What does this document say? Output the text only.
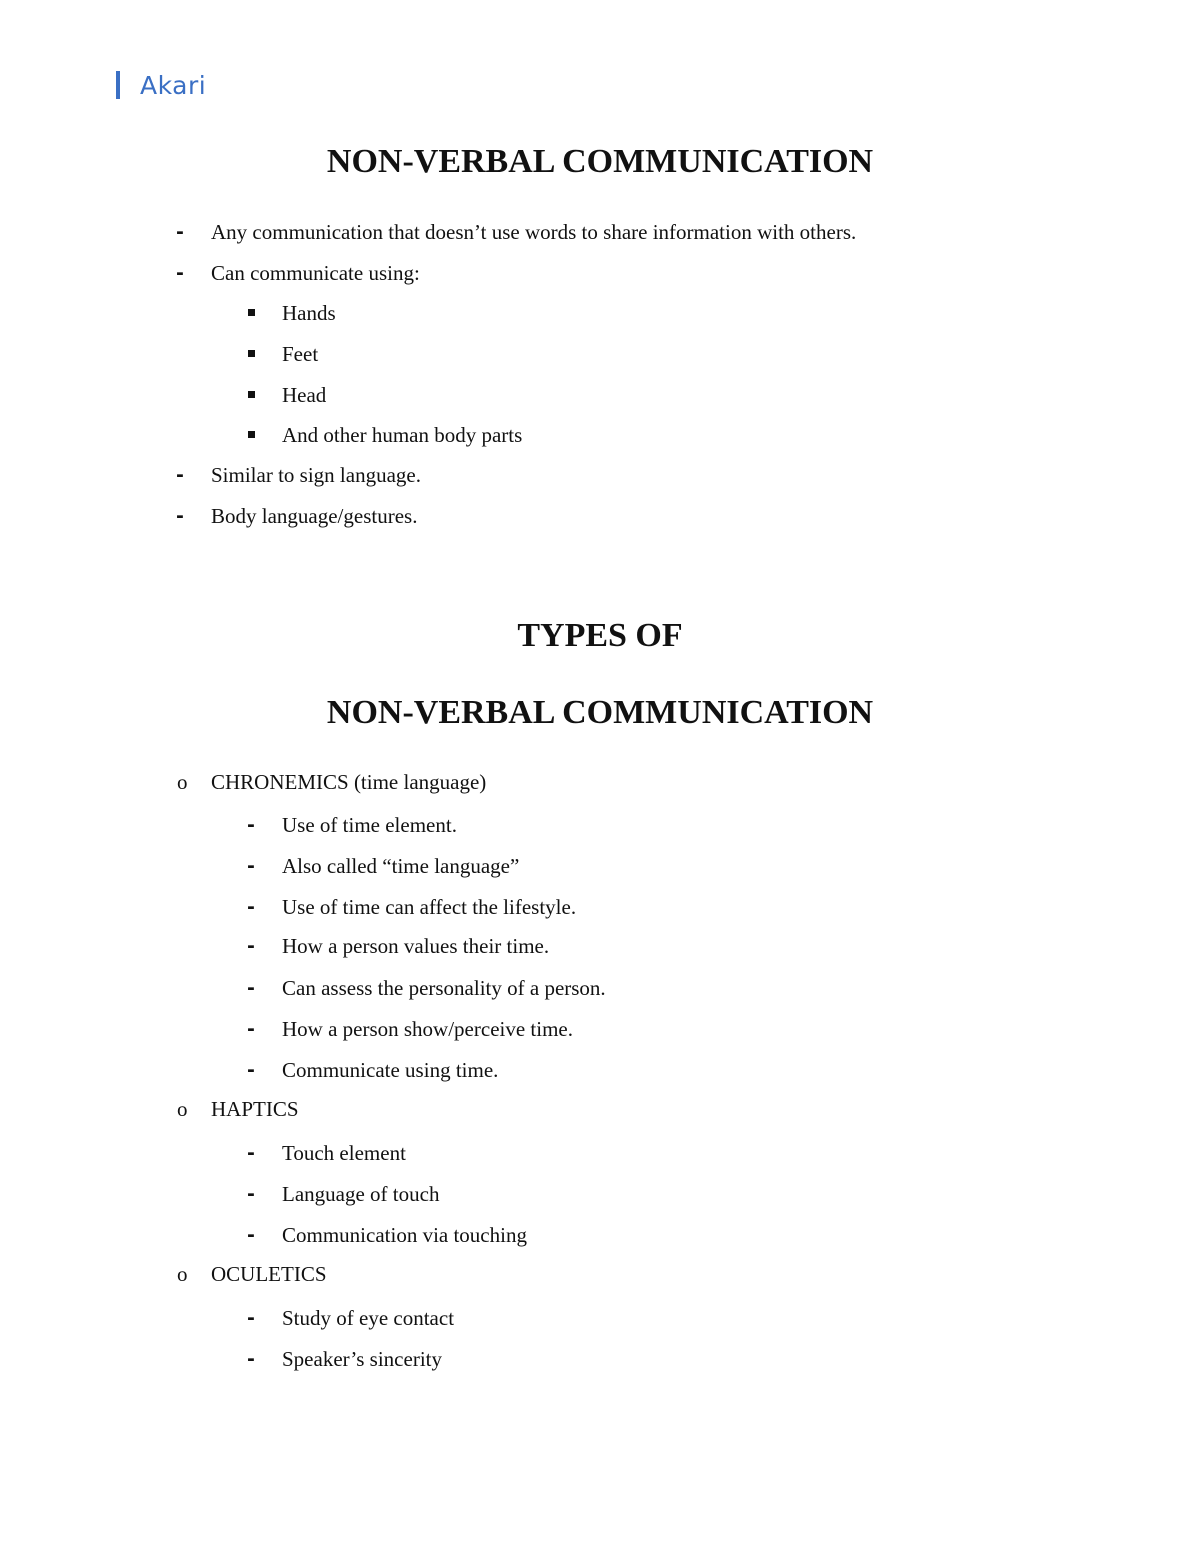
Akari
NON-VERBAL COMMUNICATION
- Any communication that doesn’t use words to share information with others.
- Can communicate using:
Hands
Feet
Head
And other human body parts
- Similar to sign language.
- Body language/gestures.
TYPES OF
NON-VERBAL COMMUNICATION
o CHRONEMICS (time language)
- Use of time element.
- Also called “time language”
- Use of time can affect the lifestyle.
- How a person values their time.
- Can assess the personality of a person.
- How a person show/perceive time.
- Communicate using time.
o HAPTICS
- Touch element
- Language of touch
- Communication via touching
o OCULETICS
- Study of eye contact
- Speaker’s sincerity
